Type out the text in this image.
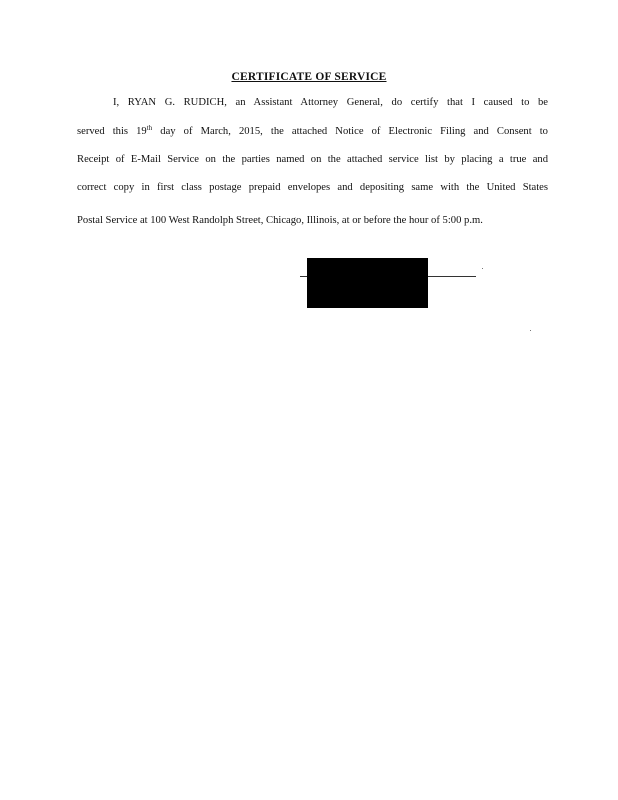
CERTIFICATE OF SERVICE
I, RYAN G. RUDICH, an Assistant Attorney General, do certify that I caused to be
served this 19th day of March, 2015, the attached Notice of Electronic Filing and Consent to
Receipt of E-Mail Service on the parties named on the attached service list by placing a true and
correct copy in first class postage prepaid envelopes and depositing same with the United States
Postal Service at 100 West Randolph Street, Chicago, Illinois, at or before the hour of 5:00 p.m.
